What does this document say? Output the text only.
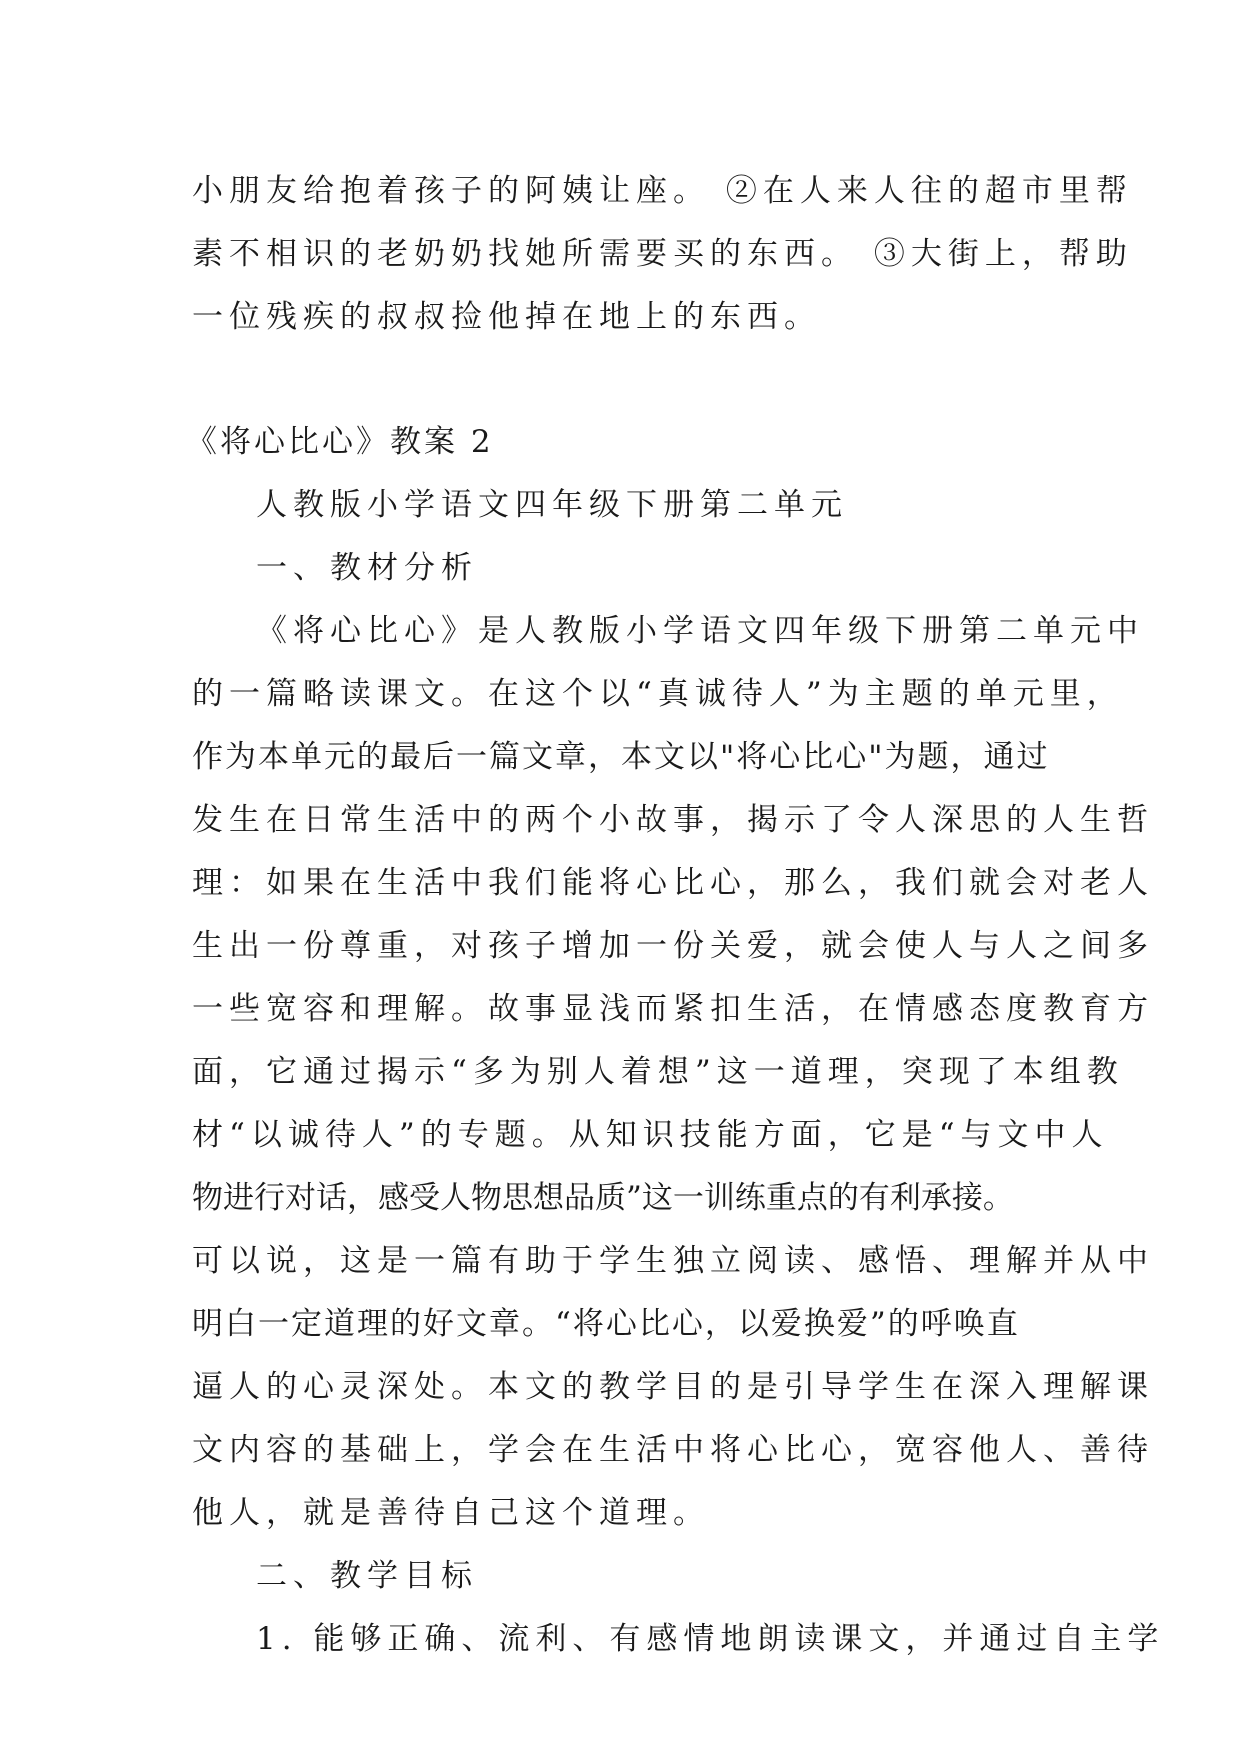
小朋友给抱着孩子的阿姨让座。 ②在人来人往的超市里帮
素不相识的老奶奶找她所需要买的东西。 ③大街上，帮助
一位残疾的叔叔捡他掉在地上的东西。
《将心比心》教案 2
人教版小学语文四年级下册第二单元
一、教材分析
《将心比心》是人教版小学语文四年级下册第二单元中
的一篇略读课文。在这个以“真诚待人”为主题的单元里，
作为本单元的最后一篇文章，本文以"将心比心"为题，通过
发生在日常生活中的两个小故事，揭示了令人深思的人生哲
理：如果在生活中我们能将心比心，那么，我们就会对老人
生出一份尊重，对孩子增加一份关爱，就会使人与人之间多
一些宽容和理解。故事显浅而紧扣生活，在情感态度教育方
面，它通过揭示“多为别人着想”这一道理，突现了本组教
材“以诚待人”的专题。从知识技能方面，它是“与文中人
物进行对话，感受人物思想品质”这一训练重点的有利承接。
可以说，这是一篇有助于学生独立阅读、感悟、理解并从中
明白一定道理的好文章。“将心比心，以爱换爱”的呼唤直
逼人的心灵深处。本文的教学目的是引导学生在深入理解课
文内容的基础上，学会在生活中将心比心，宽容他人、善待
他人，就是善待自己这个道理。
二、教学目标
1. 能够正确、流利、有感情地朗读课文，并通过自主学
